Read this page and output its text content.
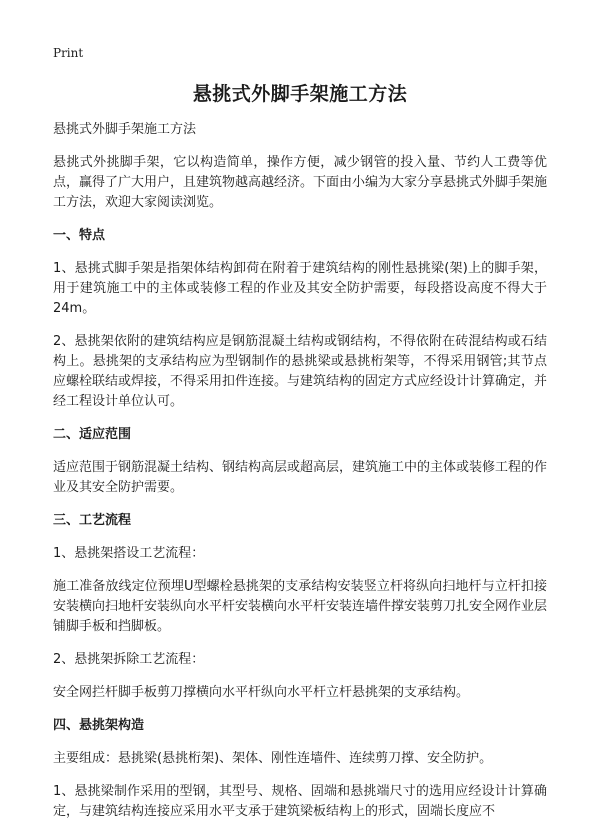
Print
悬挑式外脚手架施工方法

悬挑式外脚手架施工方法

悬挑式外挑脚手架，它以构造简单，操作方便，减少钢管的投入量、节约人工费等优点，赢得了广大用户，且建筑物越高越经济。下面由小编为大家分享悬挑式外脚手架施工方法，欢迎大家阅读浏览。

一、特点

1、悬挑式脚手架是指架体结构卸荷在附着于建筑结构的刚性悬挑梁(架)上的脚手架，用于建筑施工中的主体或装修工程的作业及其安全防护需要，每段搭设高度不得大于24m。

2、悬挑架依附的建筑结构应是钢筋混凝土结构或钢结构，不得依附在砖混结构或石结构上。悬挑架的支承结构应为型钢制作的悬挑梁或悬挑桁架等，不得采用钢管;其节点应螺栓联结或焊接，不得采用扣件连接。与建筑结构的固定方式应经设计计算确定，并经工程设计单位认可。

二、适应范围

适应范围于钢筋混凝土结构、钢结构高层或超高层，建筑施工中的主体或装修工程的作业及其安全防护需要。

三、工艺流程

1、悬挑架搭设工艺流程：

施工准备放线定位预埋U型螺栓悬挑架的支承结构安装竖立杆将纵向扫地杆与立杆扣接安装横向扫地杆安装纵向水平杆安装横向水平杆安装连墙件撑安装剪刀扎安全网作业层铺脚手板和挡脚板。

2、悬挑架拆除工艺流程：

安全网拦杆脚手板剪刀撑横向水平杆纵向水平杆立杆悬挑架的支承结构。

四、悬挑架构造

主要组成：悬挑梁(悬挑桁架)、架体、刚性连墙件、连续剪刀撑、安全防护。

1、悬挑梁制作采用的型钢，其型号、规格、固端和悬挑端尺寸的选用应经设计计算确定，与建筑结构连接应采用水平支承于建筑梁板结构上的形式，固端长度应不
